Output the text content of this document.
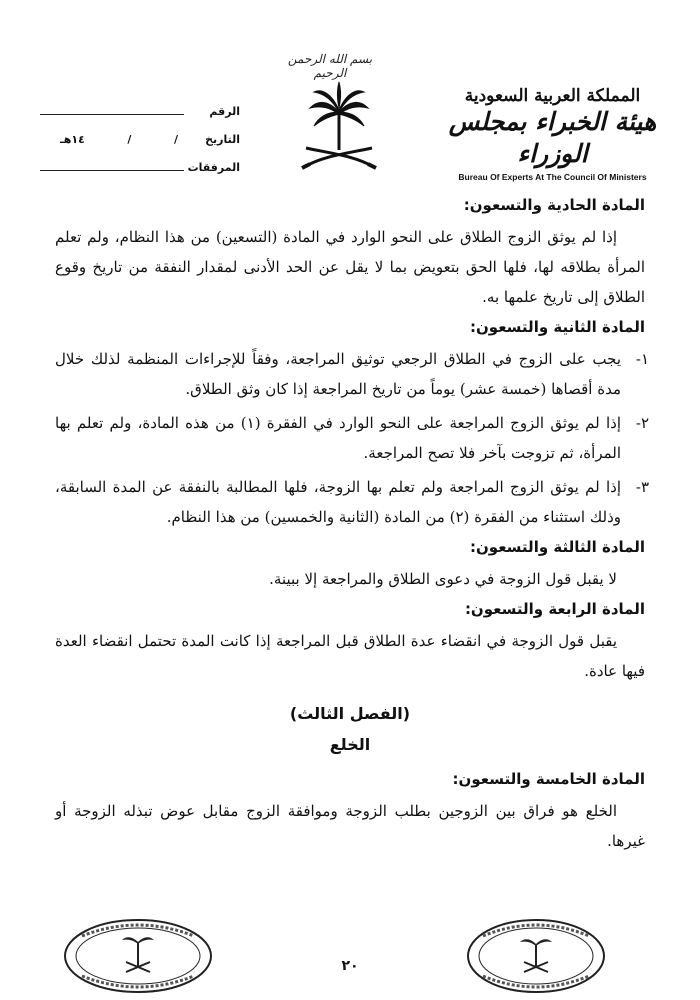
بسم الله الرحمن الرحيم
المملكة العربية السعودية
هيئة الخبراء بمجلس الوزراء
Bureau Of Experts At The Council Of Ministers
الرقم
التاريخ
/
/
١٤هـ
المرفقات
المادة الحادية والتسعون:

إذا لم يوثق الزوج الطلاق على النحو الوارد في المادة (التسعين) من هذا النظام، ولم تعلم المرأة بطلاقه لها، فلها الحق بتعويض بما لا يقل عن الحد الأدنى لمقدار النفقة من تاريخ وقوع الطلاق إلى تاريخ علمها به.

المادة الثانية والتسعون:
١-
يجب على الزوج في الطلاق الرجعي توثيق المراجعة، وفقاً للإجراءات المنظمة لذلك خلال مدة أقصاها (خمسة عشر) يوماً من تاريخ المراجعة إذا كان وثق الطلاق.
٢-
إذا لم يوثق الزوج المراجعة على النحو الوارد في الفقرة (١) من هذه المادة، ولم تعلم بها المرأة، ثم تزوجت بآخر فلا تصح المراجعة.
٣-
إذا لم يوثق الزوج المراجعة ولم تعلم بها الزوجة، فلها المطالبة بالنفقة عن المدة السابقة، وذلك استثناء من الفقرة (٢) من المادة (الثانية والخمسين) من هذا النظام.
المادة الثالثة والتسعون:

لا يقبل قول الزوجة في دعوى الطلاق والمراجعة إلا ببينة.

المادة الرابعة والتسعون:

يقبل قول الزوجة في انقضاء عدة الطلاق قبل المراجعة إذا كانت المدة تحتمل انقضاء العدة فيها عادة.

(الفصل الثالث)
الخلع
المادة الخامسة والتسعون:

الخلع هو فراق بين الزوجين بطلب الزوجة وموافقة الزوج مقابل عوض تبذله الزوجة أو غيرها.

٢٠
